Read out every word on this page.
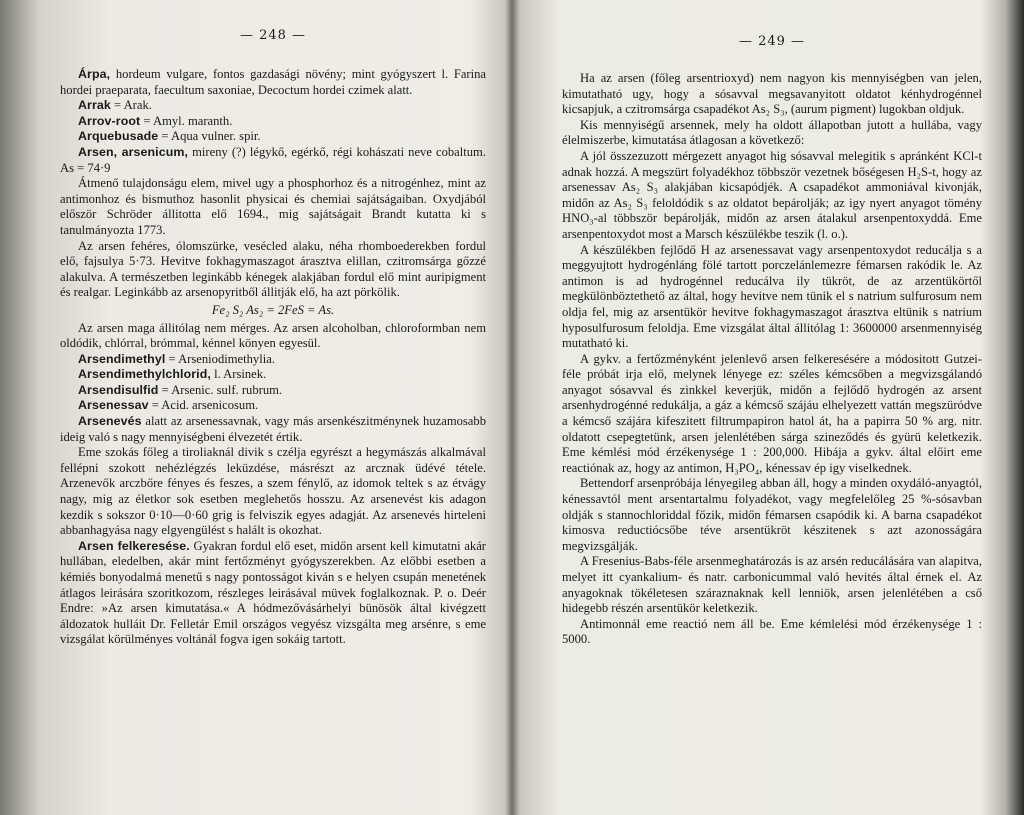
— 248 —

Árpa, hordeum vulgare, fontos gazdasági növény; mint gyógyszert l. Farina hordei praeparata, faecultum saxoniae, Decoctum hordei czimek alatt.

Arrak = Arak.

Arrov-root = Amyl. maranth.

Arquebusade = Aqua vulner. spir.

Arsen, arsenicum, mireny (?) légykő, egérkő, régi kohászati neve cobaltum. As = 74·9

Átmenő tulajdonságu elem, mivel ugy a phosphorhoz és a nitrogénhez, mint az antimonhoz és bismuthoz hasonlit physicai és chemiai sajátságaiban. Oxydjából először Schröder állitotta elő 1694., mig sajátságait Brandt kutatta ki s tanulmányozta 1773.

Az arsen fehéres, ólomszürke, vesécled alaku, néha rhomboederekben fordul elő, fajsulya 5·73. Hevitve fokhagymaszagot árasztva elillan, czitromsárga gőzzé alakulva. A természetben leginkább kénegek alakjában fordul elő mint auripigment és realgar. Leginkább az arsenopyritből állitják elő, ha azt pörkölik.

Fe₂ S₂ As₂ = 2FeS = As.

Az arsen maga állitólag nem mérges. Az arsen alcoholban, chloroformban nem oldódik, chlórral, brómmal, kénnel könyen egyesül.

Arsendimethyl = Arseniodimethylia.

Arsendimethylchlorid, l. Arsinek.

Arsendisulfid = Arsenic. sulf. rubrum.

Arsenessav = Acid. arsenicosum.

Arsenevés alatt az arsenessavnak, vagy más arsenkészitménynek huzamosabb ideig való s nagy mennyiségbeni élvezetét értik.

Eme szokás főleg a tiroliaknál divik s czélja egyrészt a hegymászás alkalmával fellépni szokott nehézlégzés leküzdése, másrészt az arcznak üdévé tétele. Arzenevők arczbőre fényes és feszes, a szem fénylő, az idomok teltek s az étvágy nagy, mig az életkor sok esetben meglehetős hosszu. Az arsenevést kis adagon kezdik s sokszor 0·10—0·60 grig is felviszik egyes adagját. Az arsenevés hirteleni abbanhagyása nagy elgyengülést s halált is okozhat.

Arsen felkeresése. Gyakran fordul elő eset, midőn arsent kell kimutatni akár hullában, eledelben, akár mint fertőzményt gyógyszerekben. Az előbbi esetben a kémiés bonyodalmá menetű s nagy pontosságot kiván s e helyen csupán menetének átlagos leirására szoritkozom, részleges leirásával müvek foglalkoznak. P. o. Deér Endre: »Az arsen kimutatása.« A hódmezővásárhelyi bünösök által kivégzett áldozatok hulláit Dr. Felletár Emil országos vegyész vizsgálta meg arsénre, s eme vizsgálat körülményes voltánál fogva igen sokáig tartott.

— 249 —

Ha az arsen (főleg arsentrioxyd) nem nagyon kis mennyiségben van jelen, kimutatható ugy, hogy a sósavval megsavanyitott oldatot kénhydrogénnel kicsapjuk, a czitromsárga csapadékot As₂ S₃, (aurum pigment) lugokban oldjuk.

Kis mennyiségű arsennek, mely ha oldott állapotban jutott a hullába, vagy élelmiszerbe, kimutatása átlagosan a következő:

A jól összezuzott mérgezett anyagot hig sósavval melegitik s apránként KCl-t adnak hozzá. A megszürt folyadékhoz többször vezetnek bőségesen H₂S-t, hogy az arsenessav As₂ S₃ alakjában kicsapódjék. A csapadékot ammoniával kivonják, midőn az As₂ S₃ feloldódik s az oldatot bepárolják; az igy nyert anyagot tömény HNO₃-al többször bepárolják, midőn az arsen átalakul arsenpentoxyddá. Eme arsenpentoxydot most a Marsch készülékbe teszik (l. o.).

A készülékben fejlődő H az arsenessavat vagy arsenpentoxydot reducálja s a meggyujtott hydrogénláng fölé tartott porczelánlemezre fémarsen rakódik le. Az antimon is ad hydrogénnel reducálva ily tükröt, de az arzentükörtől megkülönböztethető az által, hogy hevitve nem tünik el s natrium sulfurosum nem oldja fel, mig az arsentükör hevitve fokhagymaszagot árasztva eltünik s natrium hyposulfurosum feloldja. Eme vizsgálat által állitólag 1: 3600000 arsenmennyiség mutatható ki.

A gykv. a fertőzményként jelenlevő arsen felkeresésére a módositott Gutzei-féle próbát irja elő, melynek lényege ez: széles kémcsőben a megvizsgálandó anyagot sósavval és zinkkel keverjük, midőn a fejlődő hydrogén az arsent arsenhydrogénné redukálja, a gáz a kémcső szájáu elhelyezett vattán megszüródve a kémcső szájára kifeszitett filtrumpapiron hatol át, ha a papirra 50 % arg. nitr. oldatott csepegtetünk, arsen jelenlétében sárga szineződés és gyürü keletkezik. Eme kémlési mód érzékenysége 1 : 200,000. Hibája a gykv. által előirt eme reactiónak az, hogy az antimon, H₃PO₄, kénessav ép igy viselkednek.

Bettendorf arsenpróbája lényegileg abban áll, hogy a minden oxydáló-anyagtól, kénessavtól ment arsentartalmu folyadékot, vagy megfelelőleg 25 %-sósavban oldják s stannochloriddal főzik, midőn fémarsen csapódik ki. A barna csapadékot kimosva reductiócsőbe téve arsentükröt készitenek s azt azonosságára megvizsgálják.

A Fresenius-Babs-féle arsenmeghatározás is az arsén reducálására van alapitva, melyet itt cyankalium- és natr. carbonicummal való hevités által érnek el. Az anyagoknak tökéletesen száraznaknak kell lenniök, arsen jelenlétében a cső hidegebb részén arsentükör keletkezik.

Antimonnál eme reactió nem áll be. Eme kémlelési mód érzékenysége 1 : 5000.
